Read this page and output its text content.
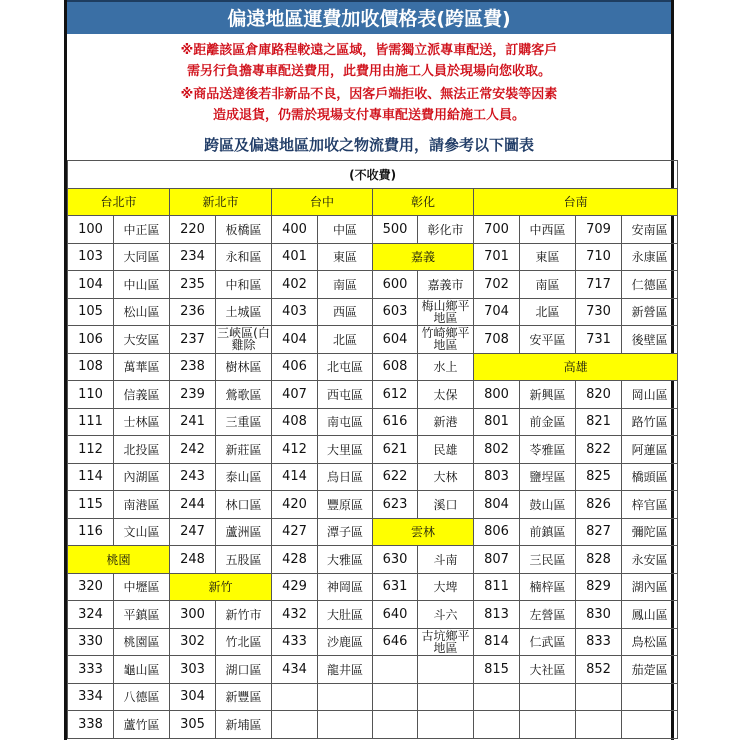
偏遠地區運費加收價格表(跨區費)
※距離該區倉庫路程較遠之區域，皆需獨立派專車配送，訂購客戶
需另行負擔專車配送費用，此費用由施工人員於現場向您收取。
※商品送達後若非新品不良，因客戶端拒收、無法正常安裝等因素
造成退貨，仍需於現場支付專車配送費用給施工人員。
跨區及偏遠地區加收之物流費用，請參考以下圖表
(不收費)											
台北市		新北市		台中		彰化		台南			
100	中正區	220	板橋區	400	中區	500	彰化市	700	中西區	709	安南區
103	大同區	234	永和區	401	東區	嘉義		701	東區	710	永康區
104	中山區	235	中和區	402	南區	600	嘉義市	702	南區	717	仁德區
105	松山區	236	土城區	403	西區	603	梅山鄉平地區	704	北區	730	新營區
106	大安區	237	三峽區(白雞除	404	北區	604	竹崎鄉平地區	708	安平區	731	後壁區
108	萬華區	238	樹林區	406	北屯區	608	水上	高雄			
110	信義區	239	鶯歌區	407	西屯區	612	太保	800	新興區	820	岡山區
111	士林區	241	三重區	408	南屯區	616	新港	801	前金區	821	路竹區
112	北投區	242	新莊區	412	大里區	621	民雄	802	苓雅區	822	阿蓮區
114	內湖區	243	泰山區	414	烏日區	622	大林	803	鹽埕區	825	橋頭區
115	南港區	244	林口區	420	豐原區	623	溪口	804	鼓山區	826	梓官區
116	文山區	247	蘆洲區	427	潭子區	雲林		806	前鎮區	827	彌陀區
桃園		248	五股區	428	大雅區	630	斗南	807	三民區	828	永安區
320	中壢區	新竹		429	神岡區	631	大埤	811	楠梓區	829	湖內區
324	平鎮區	300	新竹市	432	大肚區	640	斗六	813	左營區	830	鳳山區
330	桃園區	302	竹北區	433	沙鹿區	646	古坑鄉平地區	814	仁武區	833	鳥松區
333	龜山區	303	湖口區	434	龍井區			815	大社區	852	茄萣區
334	八德區	304	新豐區								
338	蘆竹區	305	新埔區								
